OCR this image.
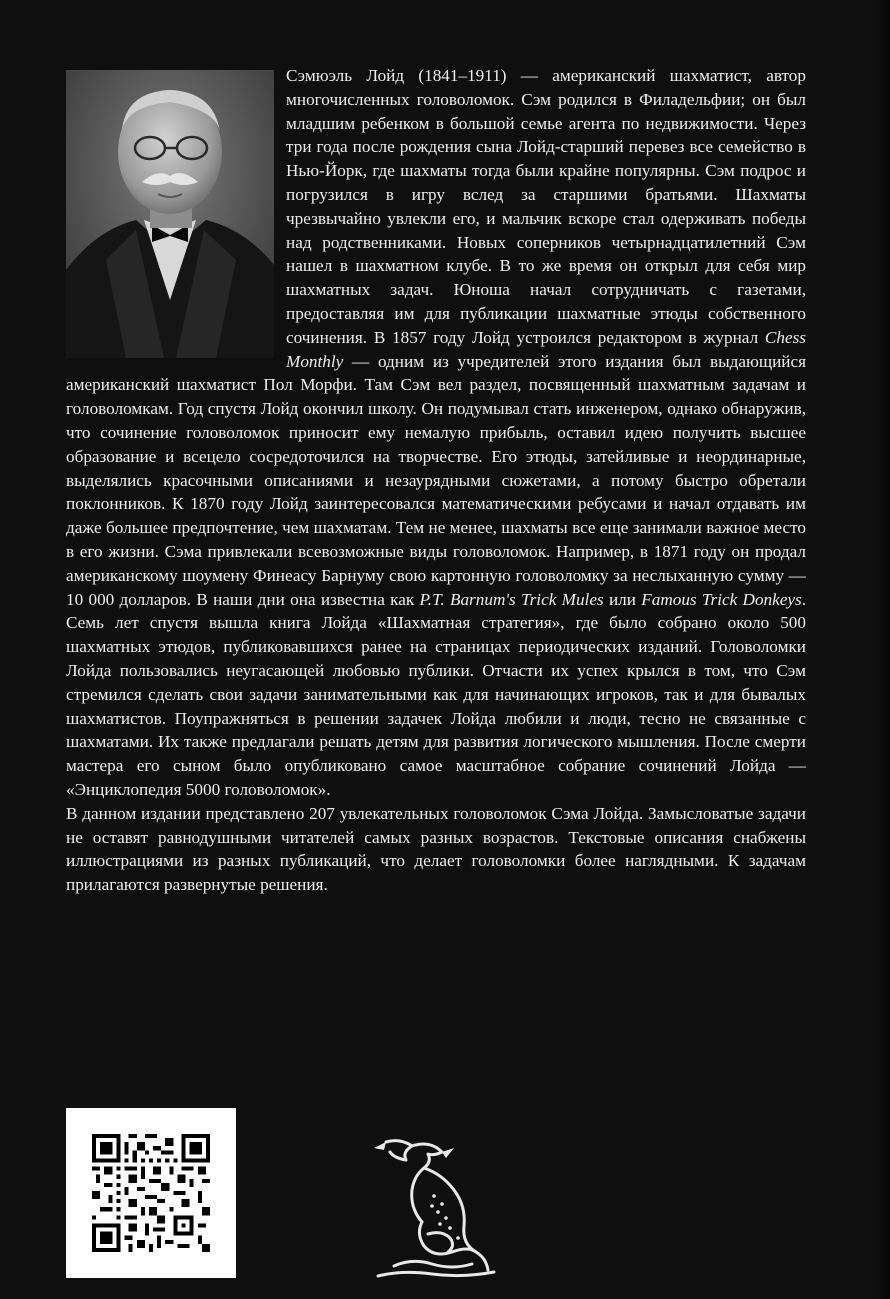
Сэмюэль Лойд (1841–1911) — американский шахматист, автор многочисленных головоломок. Сэм родился в Филадельфии; он был младшим ребенком в большой семье агента по недвижимости. Через три года после рождения сына Лойд-старший перевез все семейство в Нью-Йорк, где шахматы тогда были крайне популярны. Сэм подрос и погрузился в игру вслед за старшими братьями. Шахматы чрезвычайно увлекли его, и мальчик вскоре стал одерживать победы над родственниками. Новых соперников четырнадцатилетний Сэм нашел в шахматном клубе. В то же время он открыл для себя мир шахматных задач. Юноша начал сотрудничать с газетами, предоставляя им для публикации шахматные этюды собственного сочинения. В 1857 году Лойд устроился редактором в журнал Chess Monthly — одним из учредителей этого издания был выдающийся американский шахматист Пол Морфи. Там Сэм вел раздел, посвященный шахматным задачам и головоломкам. Год спустя Лойд окончил школу. Он подумывал стать инженером, однако обнаружив, что сочинение головоломок приносит ему немалую прибыль, оставил идею получить высшее образование и всецело сосредоточился на творчестве. Его этюды, затейливые и неординарные, выделялись красочными описаниями и незаурядными сюжетами, а потому быстро обретали поклонников. К 1870 году Лойд заинтересовался математическими ребусами и начал отдавать им даже большее предпочтение, чем шахматам. Тем не менее, шахматы все еще занимали важное место в его жизни. Сэма привлекали всевозможные виды головоломок. Например, в 1871 году он продал американскому шоумену Финеасу Барнуму свою картонную головоломку за неслыханную сумму — 10 000 долларов. В наши дни она известна как P.T. Barnum's Trick Mules или Famous Trick Donkeys. Семь лет спустя вышла книга Лойда «Шахматная стратегия», где было собрано около 500 шахматных этюдов, публиковавшихся ранее на страницах периодических изданий. Головоломки Лойда пользовались неугасающей любовью публики. Отчасти их успех крылся в том, что Сэм стремился сделать свои задачи занимательными как для начинающих игроков, так и для бывалых шахматистов. Поупражняться в решении задачек Лойда любили и люди, тесно не связанные с шахматами. Их также предлагали решать детям для развития логического мышления. После смерти мастера его сыном было опубликовано самое масштабное собрание сочинений Лойда — «Энциклопедия 5000 головоломок».

В данном издании представлено 207 увлекательных головоломок Сэма Лойда. Замысловатые задачи не оставят равнодушными читателей самых разных возрастов. Текстовые описания снабжены иллюстрациями из разных публикаций, что делает головоломки более наглядными. К задачам прилагаются развернутые решения.
